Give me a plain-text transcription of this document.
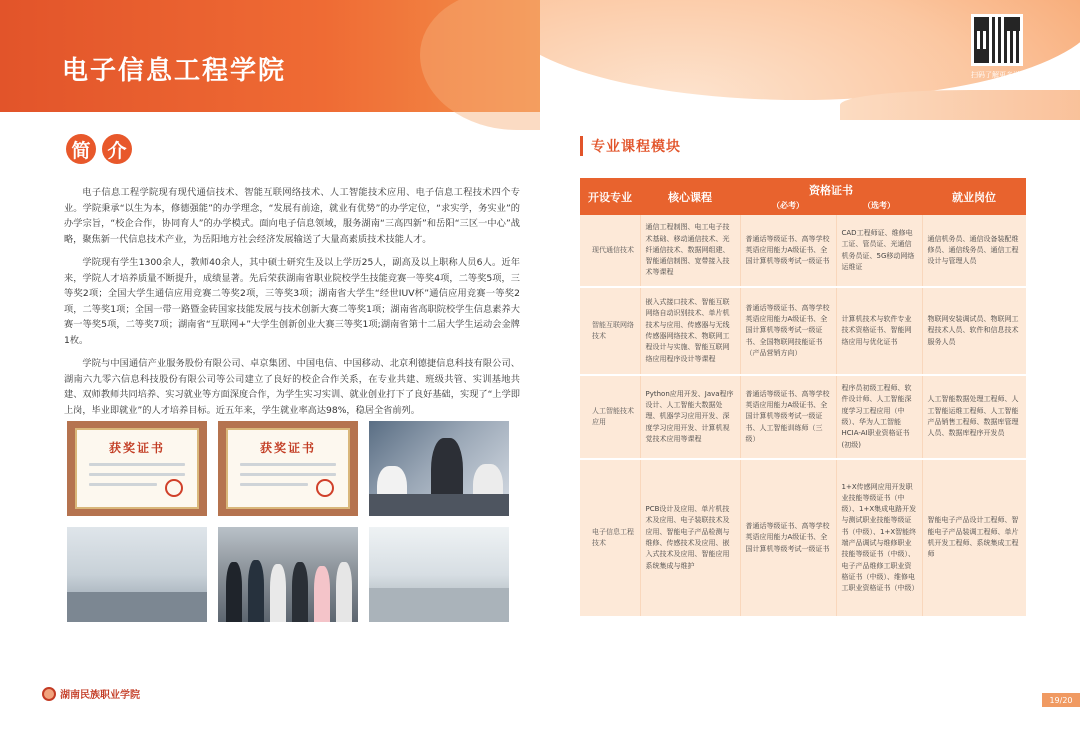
电子信息工程学院
简 介

电子信息工程学院现有现代通信技术、智能互联网络技术、人工智能技术应用、电子信息工程技术四个专业。学院秉承“以生为本，修德强能”的办学理念，“发展有前途，就业有优势”的办学定位，“求实学，务实业”的办学宗旨，“校企合作，协同育人”的办学模式。面向电子信息领域，服务湖南“三高四新”和岳阳“三区一中心”战略，聚焦新一代信息技术产业，为岳阳地方社会经济发展输送了大量高素质技术技能人才。

学院现有学生1300余人，教师40余人，其中硕士研究生及以上学历25人，副高及以上职称人员6人。近年来，学院人才培养质量不断提升，成绩显著。先后荣获湖南省职业院校学生技能竞赛一等奖4项，二等奖5项，三等奖2项；全国大学生通信应用竞赛二等奖2项，三等奖3项；湖南省大学生“经世IUV杯”通信应用竞赛一等奖2项，二等奖1项；全国一带一路暨金砖国家技能发展与技术创新大赛二等奖1项；湖南省高职院校学生信息素养大赛一等奖5项，二等奖7项；湖南省“互联网+”大学生创新创业大赛三等奖1项;湖南省第十二届大学生运动会金牌1枚。

学院与中国通信产业服务股份有限公司、卓京集团、中国电信、中国移动、北京利德捷信息科技有限公司、湖南六九零六信息科技股份有限公司等公司建立了良好的校企合作关系，在专业共建、班级共管、实训基地共建、双师教师共同培养、实习就业等方面深度合作，为学生实习实训、就业创业打下了良好基础，实现了“上学即上岗，毕业即就业”的人才培养目标。近五年来，学生就业率高达98%，稳居全省前列。

获奖证书	获奖证书
湖南民族职业学院
扫码了解更多详情
专业课程模块
开设专业	核心课程	资格证书		就业岗位
		（必考）	（选考）	
现代通信技术	通信工程制图、电工电子技术基础、移动通信技术、光纤通信技术、数据网组建、智能通信制图、宽带接入技术等课程	普通话等级证书、高等学校英语应用能力A级证书、全国计算机等级考试一级证书	CAD工程师证、维修电工证、管员证、光通信机务员证、5G移动网络运维证	通信机务员、通信设备装配维修员、通信线务员、通信工程设计与管理人员
智能互联网络技术	嵌入式接口技术、智能互联网络自动识别技术、单片机技术与应用、传感器与无线传感器网络技术、物联网工程设计与实施、智能互联网络应用程序设计等课程	普通话等级证书、高等学校英语应用能力A级证书、全国计算机等级考试一级证书、全国物联网技能证书（产品营销方向）	计算机技术与软件专业技术资格证书、智能网络应用与优化证书	物联网安装调试员、物联网工程技术人员、软件和信息技术服务人员
人工智能技术应用	Python应用开发、Java程序设计、人工智能大数据处理、机器学习应用开发、深度学习应用开发、计算机视觉技术应用等课程	普通话等级证书、高等学校英语应用能力A级证书、全国计算机等级考试一级证书、人工智能训练师（三级）	程序员初级工程师、软件设计师、人工智能深度学习工程应用（中级）、华为人工智能HCIA-AI职业资格证书(初级)	人工智能数据处理工程师、人工智能运维工程师、人工智能产品销售工程师、数据库管理人员、数据库程序开发员
电子信息工程技术	PCB设计及应用、单片机技术及应用、电子装联技术及应用、智能电子产品检测与维修、传感技术及应用、嵌入式技术及应用、智能应用系统集成与维护	普通话等级证书、高等学校英语应用能力A级证书、全国计算机等级考试一级证书	1+X传感网应用开发职业技能等级证书（中级）、1+X集成电路开发与测试职业技能等级证书（中级）、1+X智能终端产品调试与维修职业技能等级证书（中级）、电子产品维修工职业资格证书（中级）、维修电工职业资格证书（中级）	智能电子产品设计工程师、智能电子产品装调工程师、单片机开发工程师、系统集成工程师
19/20
